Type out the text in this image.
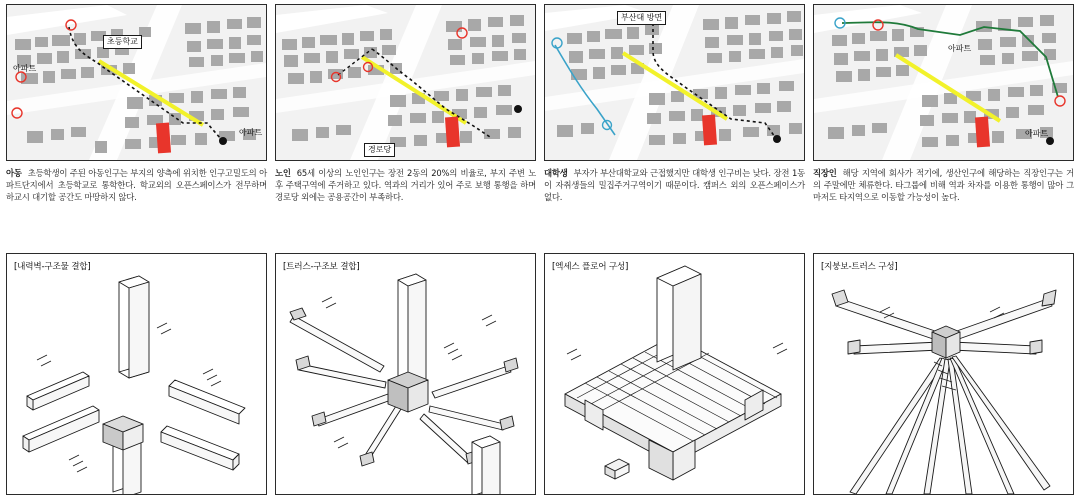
초등학교
아파트
아파트
아동 초등학생이 주된 아동인구는 부지의 양측에 위치한 인구고밀도의 아파트단지에서 초등학교로 통학한다. 학교외의 오픈스페이스가 전무하며 하교시 대기할 공간도 마땅하지 않다.
경로당
노인 65세 이상의 노인인구는 장전 2동의 20%의 비율로, 부지 주변 노후 주택구역에 주거하고 있다. 역과의 거리가 있어 주로 보행 통행을 하며 경로당 외에는 공용공간이 부족하다.
부산대 방면
대학생 부자가 부산대학교와 근접했지만 대학생 인구비는 낮다. 장전 1동이 자취생들의 밀집주거구역이기 때문이다. 캠퍼스 외의 오픈스페이스가 없다.
아파트
아파트
직장인 해당 지역에 회사가 적기에, 생산인구에 해당하는 직장인구는 거의 주말에만 체류한다. 타그룹에 비해 역과 차자를 이용한 통행이 많아 그마저도 타지역으로 이동할 가능성이 높다.
[내력벽-구조물 결합]	[트러스-구조보 결합]	[엑세스 플로어 구성]	[지붕보-트러스 구성]
